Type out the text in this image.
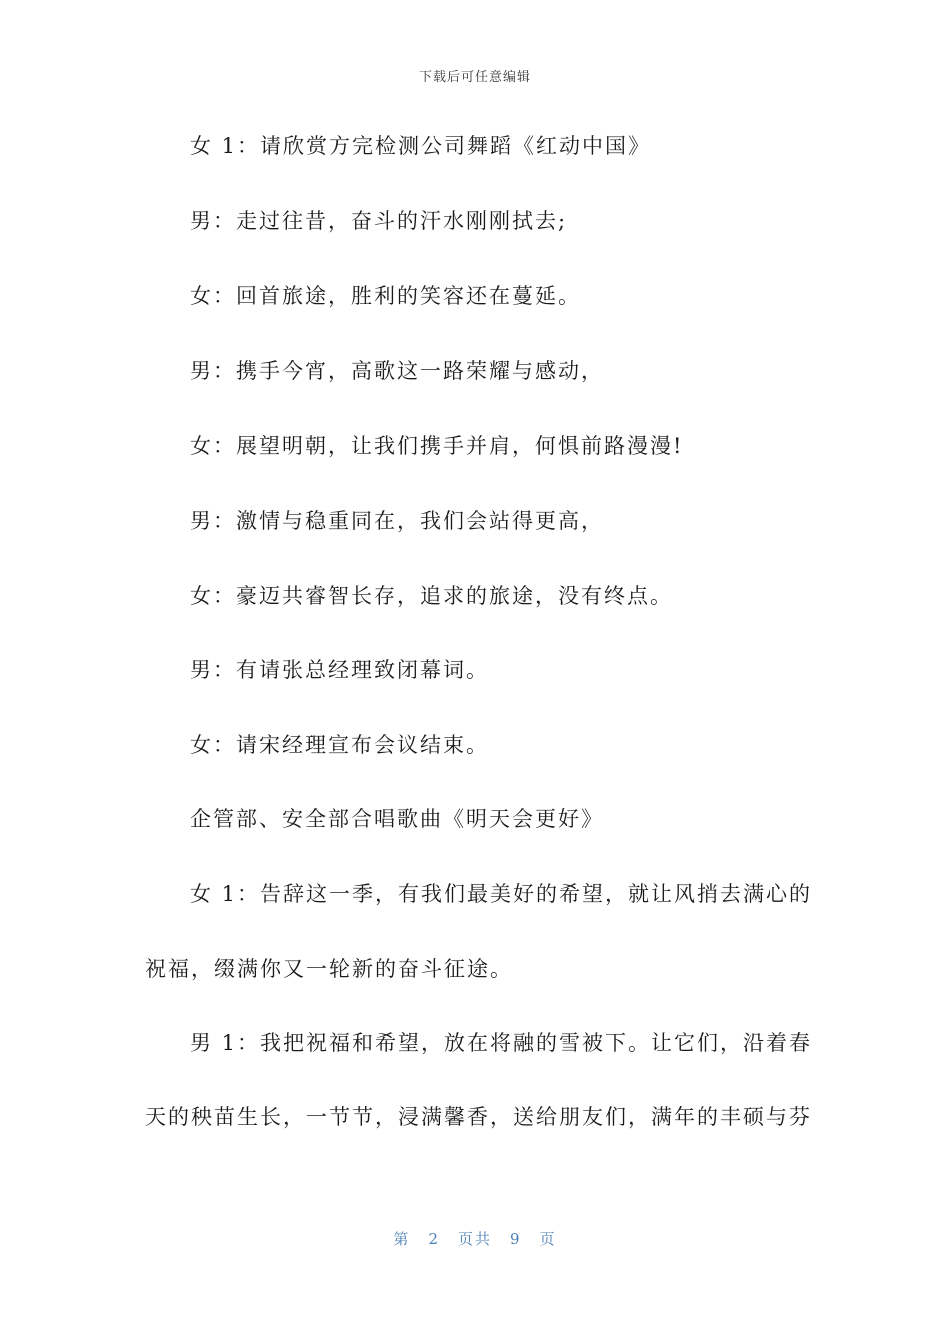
下载后可任意编辑
女 1：请欣赏方完检测公司舞蹈《红动中国》
男：走过往昔，奋斗的汗水刚刚拭去;
女：回首旅途，胜利的笑容还在蔓延。
男：携手今宵，高歌这一路荣耀与感动，
女：展望明朝，让我们携手并肩，何惧前路漫漫!
男：激情与稳重同在，我们会站得更高，
女：豪迈共睿智长存，追求的旅途，没有终点。
男：有请张总经理致闭幕词。
女：请宋经理宣布会议结束。
企管部、安全部合唱歌曲《明天会更好》
女 1：告辞这一季，有我们最美好的希望，就让风捎去满心的
祝福，缀满你又一轮新的奋斗征途。
男 1：我把祝福和希望，放在将融的雪被下。让它们，沿着春
天的秧苗生长，一节节，浸满馨香，送给朋友们，满年的丰硕与芬
第 2 页共 9 页
